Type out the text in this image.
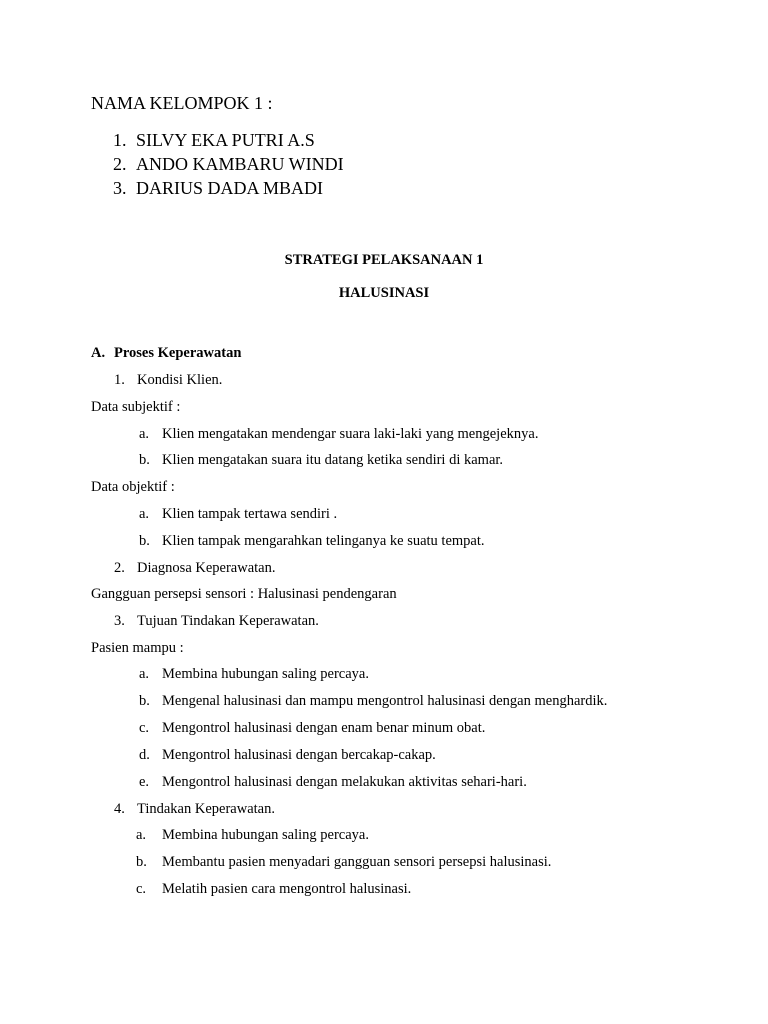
NAMA KELOMPOK 1 :
1. SILVY EKA PUTRI A.S
2. ANDO KAMBARU WINDI
3. DARIUS DADA MBADI
STRATEGI PELAKSANAAN 1
HALUSINASI
A. Proses Keperawatan
1. Kondisi Klien.
Data subjektif :
a. Klien mengatakan mendengar suara laki-laki yang mengejeknya.
b. Klien mengatakan suara itu datang ketika sendiri di kamar.
Data objektif :
a. Klien tampak tertawa sendiri .
b. Klien tampak mengarahkan telinganya ke suatu tempat.
2. Diagnosa Keperawatan.
Gangguan persepsi sensori : Halusinasi pendengaran
3. Tujuan Tindakan Keperawatan.
Pasien mampu :
a. Membina hubungan saling percaya.
b. Mengenal halusinasi dan mampu mengontrol halusinasi dengan menghardik.
c. Mengontrol halusinasi dengan enam benar minum obat.
d. Mengontrol halusinasi dengan bercakap-cakap.
e. Mengontrol halusinasi dengan melakukan aktivitas sehari-hari.
4. Tindakan Keperawatan.
a. Membina hubungan saling percaya.
b. Membantu pasien menyadari gangguan sensori persepsi halusinasi.
c. Melatih pasien cara mengontrol halusinasi.
